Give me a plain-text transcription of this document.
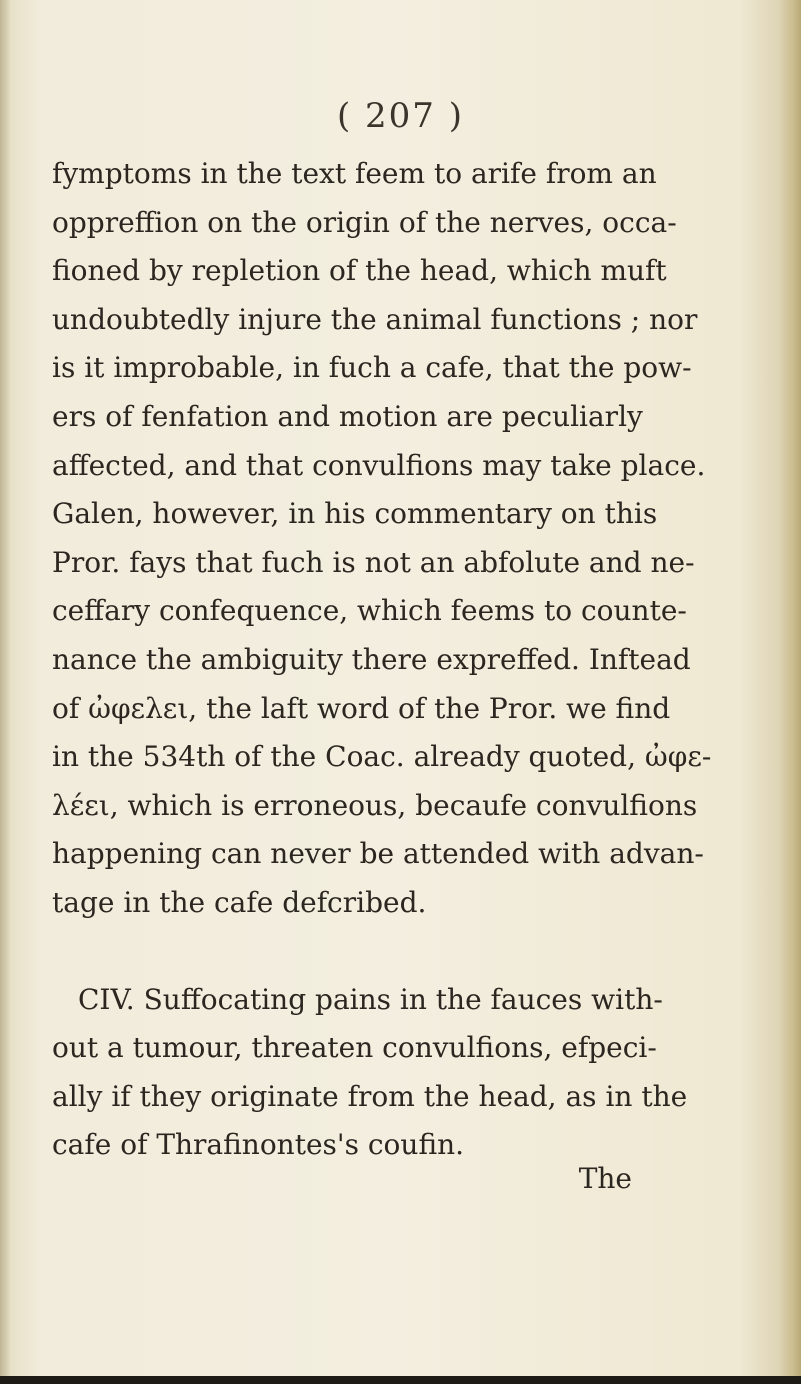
( 207 )

fymptoms in the text feem to arife from an
oppreffion on the origin of the nerves, occa-
fioned by repletion of the head, which muft
undoubtedly injure the animal functions ; nor
is it improbable, in fuch a cafe, that the pow-
ers of fenfation and motion are peculiarly
affected, and that convulfions may take place.
Galen, however, in his commentary on this
Pror. fays that fuch is not an abfolute and ne-
ceffary confequence, which feems to counte-
nance the ambiguity there expreffed. Inftead
of ὠφελει, the laft word of the Pror. we find
in the 534th of the Coac. already quoted, ὠφε-
λέει, which is erroneous, becaufe convulfions
happening can never be attended with advan-
tage in the cafe defcribed.

CIV. Suffocating pains in the fauces with-
out a tumour, threaten convulfions, efpeci-
ally if they originate from the head, as in the
cafe of Thrafinontes's coufin.

The
